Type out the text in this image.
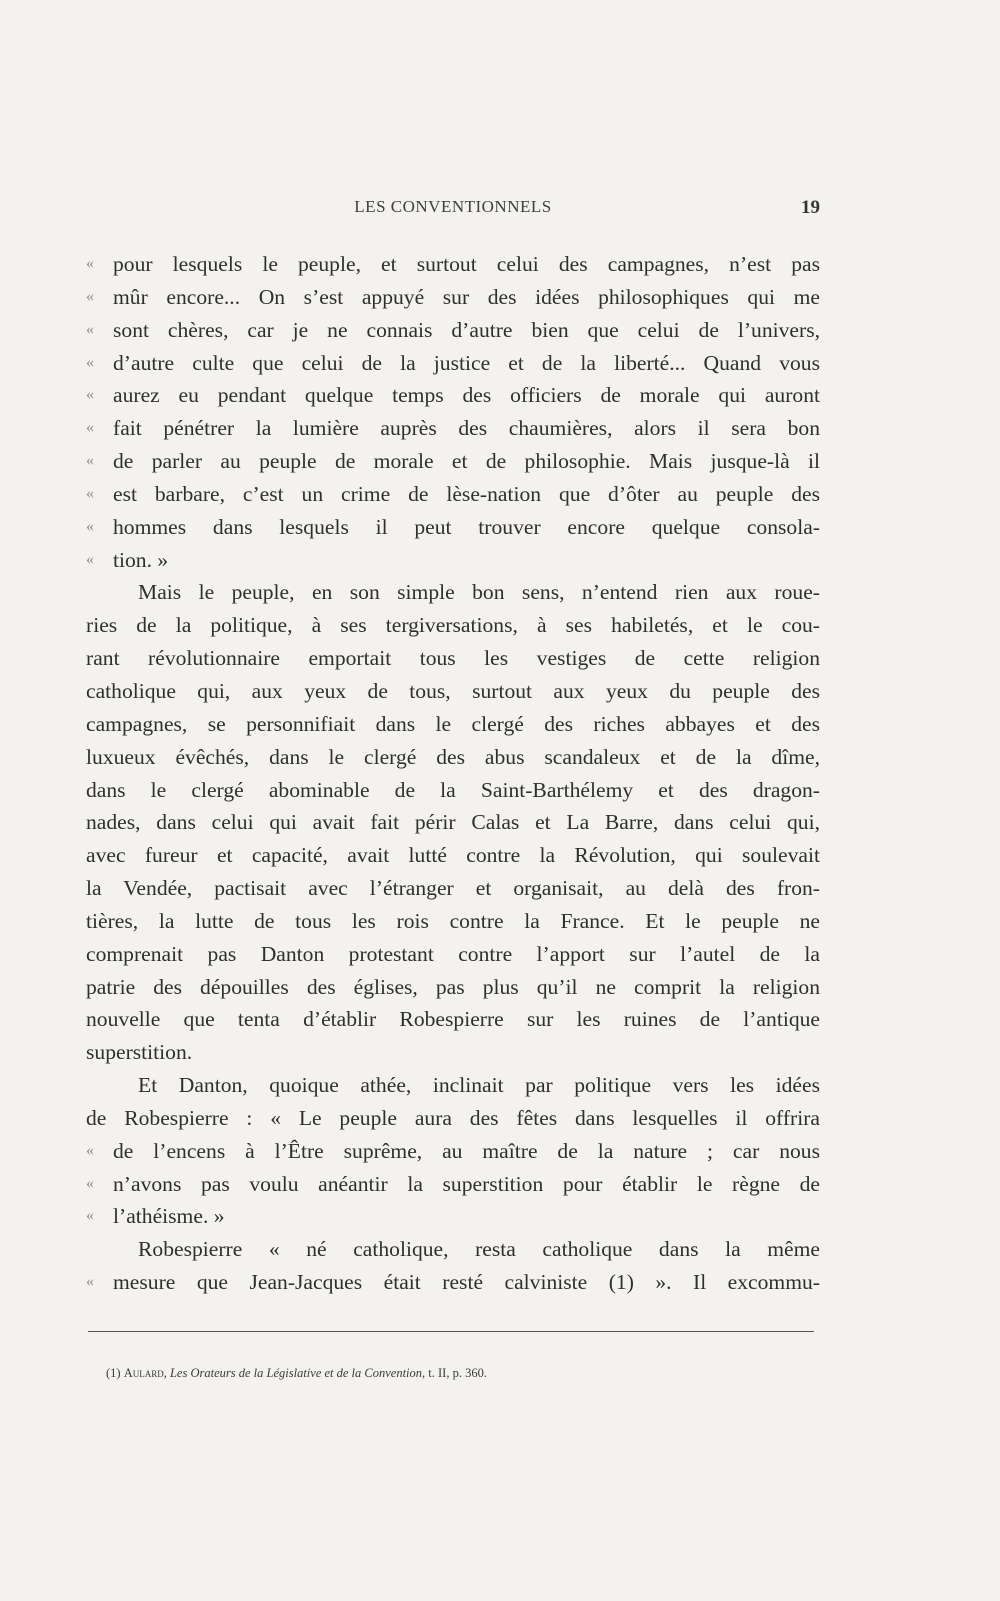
LES CONVENTIONNELS	19
« pour lesquels le peuple, et surtout celui des campagnes, n’est pas
« mûr encore... On s’est appuyé sur des idées philosophiques qui me
« sont chères, car je ne connais d’autre bien que celui de l’univers,
« d’autre culte que celui de la justice et de la liberté... Quand vous
« aurez eu pendant quelque temps des officiers de morale qui auront
« fait pénétrer la lumière auprès des chaumières, alors il sera bon
« de parler au peuple de morale et de philosophie. Mais jusque-là il
« est barbare, c’est un crime de lèse-nation que d’ôter au peuple des
« hommes dans lesquels il peut trouver encore quelque consola-
« tion. »
Mais le peuple, en son simple bon sens, n’entend rien aux roue-
ries de la politique, à ses tergiversations, à ses habiletés, et le cou-
rant révolutionnaire emportait tous les vestiges de cette religion
catholique qui, aux yeux de tous, surtout aux yeux du peuple des
campagnes, se personnifiait dans le clergé des riches abbayes et des
luxueux évêchés, dans le clergé des abus scandaleux et de la dîme,
dans le clergé abominable de la Saint-Barthélemy et des dragon-
nades, dans celui qui avait fait périr Calas et La Barre, dans celui qui,
avec fureur et capacité, avait lutté contre la Révolution, qui soulevait
la Vendée, pactisait avec l’étranger et organisait, au delà des fron-
tières, la lutte de tous les rois contre la France. Et le peuple ne
comprenait pas Danton protestant contre l’apport sur l’autel de la
patrie des dépouilles des églises, pas plus qu’il ne comprit la religion
nouvelle que tenta d’établir Robespierre sur les ruines de l’antique
superstition.
Et Danton, quoique athée, inclinait par politique vers les idées
de Robespierre : « Le peuple aura des fêtes dans lesquelles il offrira
« de l’encens à l’Être suprême, au maître de la nature ; car nous
« n’avons pas voulu anéantir la superstition pour établir le règne de
« l’athéisme. »
Robespierre « né catholique, resta catholique dans la même
« mesure que Jean-Jacques était resté calviniste (1) ». Il excommu-
(1) Aulard, Les Orateurs de la Législative et de la Convention, t. II, p. 360.
